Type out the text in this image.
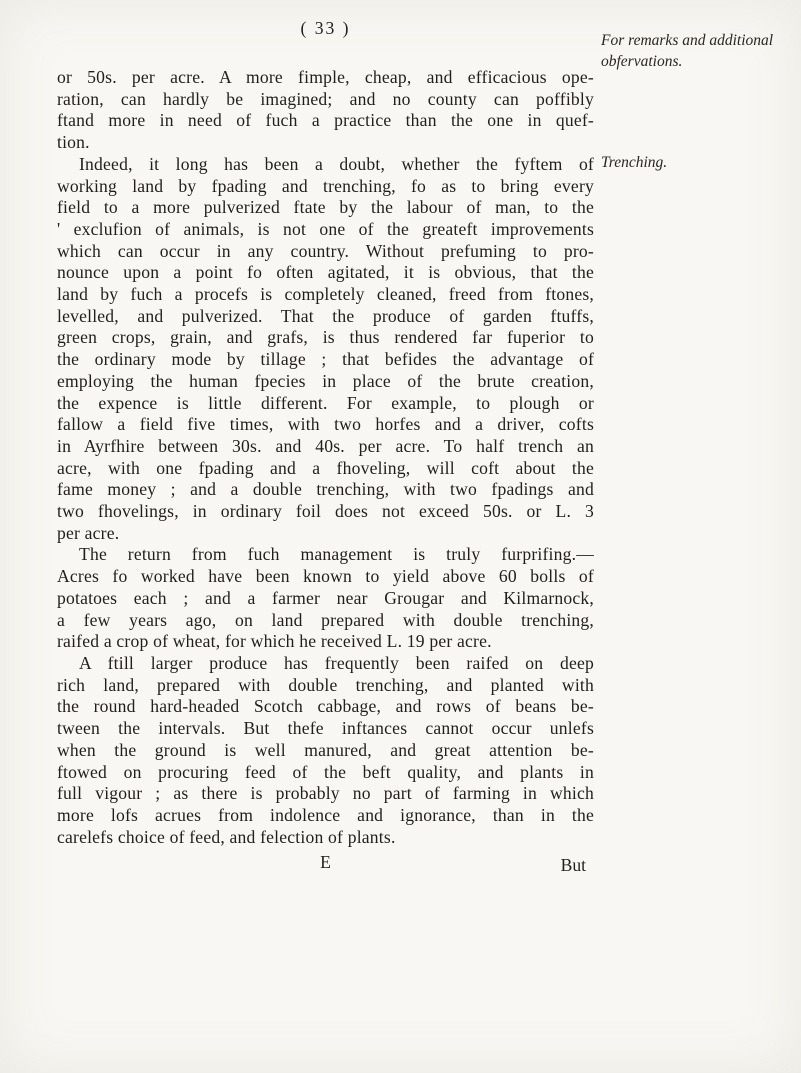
( 33 )
For remarks and additional obfervations.
Trenching.
or 50s. per acre. A more fimple, cheap, and efficacious ope-
ration, can hardly be imagined; and no county can poffibly
ftand more in need of fuch a practice than the one in quef-
tion.
Indeed, it long has been a doubt, whether the fyftem of
working land by fpading and trenching, fo as to bring every
field to a more pulverized ftate by the labour of man, to the
' exclufion of animals, is not one of the greateft improvements
which can occur in any country. Without prefuming to pro-
nounce upon a point fo often agitated, it is obvious, that the
land by fuch a procefs is completely cleaned, freed from ftones,
levelled, and pulverized. That the produce of garden ftuffs,
green crops, grain, and grafs, is thus rendered far fuperior to
the ordinary mode by tillage ; that befides the advantage of
employing the human fpecies in place of the brute creation,
the expence is little different. For example, to plough or
fallow a field five times, with two horfes and a driver, cofts
in Ayrfhire between 30s. and 40s. per acre. To half trench an
acre, with one fpading and a fhoveling, will coft about the
fame money ; and a double trenching, with two fpadings and
two fhovelings, in ordinary foil does not exceed 50s. or L. 3
per acre.
The return from fuch management is truly furprifing.—
Acres fo worked have been known to yield above 60 bolls of
potatoes each ; and a farmer near Grougar and Kilmarnock,
a few years ago, on land prepared with double trenching,
raifed a crop of wheat, for which he received L. 19 per acre.
A ftill larger produce has frequently been raifed on deep
rich land, prepared with double trenching, and planted with
the round hard-headed Scotch cabbage, and rows of beans be-
tween the intervals. But thefe inftances cannot occur unlefs
when the ground is well manured, and great attention be-
ftowed on procuring feed of the beft quality, and plants in
full vigour ; as there is probably no part of farming in which
more lofs acrues from indolence and ignorance, than in the
carelefs choice of feed, and felection of plants.
E	But
